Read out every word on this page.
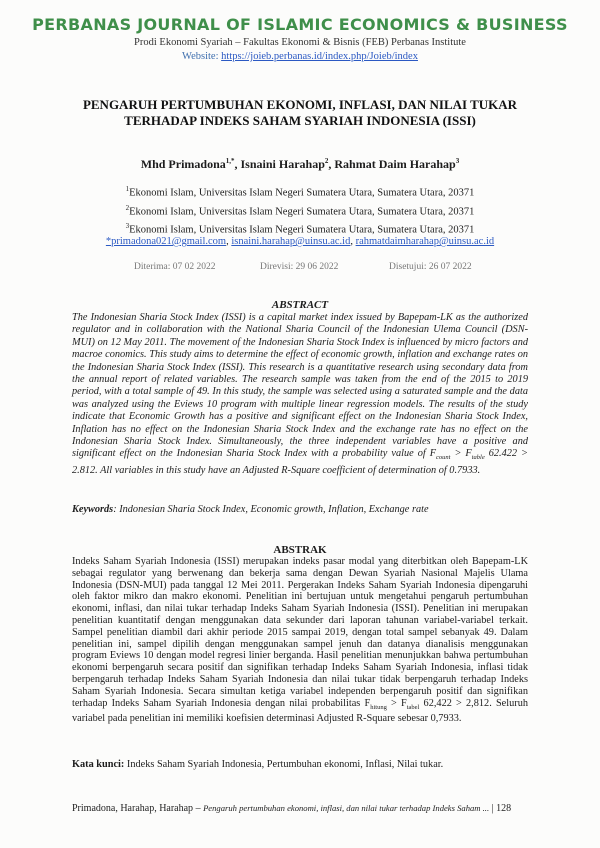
PERBANAS JOURNAL OF ISLAMIC ECONOMICS & BUSINESS
Prodi Ekonomi Syariah – Fakultas Ekonomi & Bisnis (FEB) Perbanas Institute
Website: https://joieb.perbanas.id/index.php/Joieb/index
PENGARUH PERTUMBUHAN EKONOMI, INFLASI, DAN NILAI TUKAR TERHADAP INDEKS SAHAM SYARIAH INDONESIA (ISSI)
Mhd Primadona$^{1,*}$, Isnaini Harahap$^2$, Rahmat Daim Harahap$^3$
$^1$Ekonomi Islam, Universitas Islam Negeri Sumatera Utara, Sumatera Utara, 20371
$^2$Ekonomi Islam, Universitas Islam Negeri Sumatera Utara, Sumatera Utara, 20371
$^3$Ekonomi Islam, Universitas Islam Negeri Sumatera Utara, Sumatera Utara, 20371
*primadona021@gmail.com, isnaini.harahap@uinsu.ac.id, rahmatdaimharahap@uinsu.ac.id
Diterima: 07 02 2022	Direvisi: 29 06 2022	Disetujui: 26 07 2022
ABSTRACT

The Indonesian Sharia Stock Index (ISSI) is a capital market index issued by Bapepam-LK as the authorized regulator and in collaboration with the National Sharia Council of the Indonesian Ulema Council (DSN-MUI) on 12 May 2011. The movement of the Indonesian Sharia Stock Index is influenced by micro factors and macroe conomics. This study aims to determine the effect of economic growth, inflation and exchange rates on the Indonesian Sharia Stock Index (ISSI). This research is a quantitative research using secondary data from the annual report of related variables. The research sample was taken from the end of the 2015 to 2019 period, with a total sample of 49. In this study, the sample was selected using a saturated sample and the data was analyzed using the Eviews 10 program with multiple linear regression models. The results of the study indicate that Economic Growth has a positive and significant effect on the Indonesian Sharia Stock Index, Inflation has no effect on the Indonesian Sharia Stock Index and the exchange rate has no effect on the Indonesian Sharia Stock Index. Simultaneously, the three independent variables have a positive and significant effect on the Indonesian Sharia Stock Index with a probability value of $F_{count} > F_{table}$ 62.422 > 2.812. All variables in this study have an Adjusted R-Square coefficient of determination of 0.7933.

Keywords: Indonesian Sharia Stock Index, Economic growth, Inflation, Exchange rate
ABSTRAK

Indeks Saham Syariah Indonesia (ISSI) merupakan indeks pasar modal yang diterbitkan oleh Bapepam-LK sebagai regulator yang berwenang dan bekerja sama dengan Dewan Syariah Nasional Majelis Ulama Indonesia (DSN-MUI) pada tanggal 12 Mei 2011. Pergerakan Indeks Saham Syariah Indonesia dipengaruhi oleh faktor mikro dan makro ekonomi. Penelitian ini bertujuan untuk mengetahui pengaruh pertumbuhan ekonomi, inflasi, dan nilai tukar terhadap Indeks Saham Syariah Indonesia (ISSI). Penelitian ini merupakan penelitian kuantitatif dengan menggunakan data sekunder dari laporan tahunan variabel-variabel terkait. Sampel penelitian diambil dari akhir periode 2015 sampai 2019, dengan total sampel sebanyak 49. Dalam penelitian ini, sampel dipilih dengan menggunakan sampel jenuh dan datanya dianalisis menggunakan program Eviews 10 dengan model regresi linier berganda. Hasil penelitian menunjukkan bahwa pertumbuhan ekonomi berpengaruh secara positif dan signifikan terhadap Indeks Saham Syariah Indonesia, inflasi tidak berpengaruh terhadap Indeks Saham Syariah Indonesia dan nilai tukar tidak berpengaruh terhadap Indeks Saham Syariah Indonesia. Secara simultan ketiga variabel independen berpengaruh positif dan signifikan terhadap Indeks Saham Syariah Indonesia dengan nilai probabilitas $F_{hitung} > F_{tabel}$ 62,422 > 2,812. Seluruh variabel pada penelitian ini memiliki koefisien determinasi Adjusted R-Square sebesar 0,7933.

Kata kunci: Indeks Saham Syariah Indonesia, Pertumbuhan ekonomi, Inflasi, Nilai tukar.
Primadona, Harahap, Harahap – Pengaruh pertumbuhan ekonomi, inflasi, dan nilai tukar terhadap Indeks Saham ... | 128
